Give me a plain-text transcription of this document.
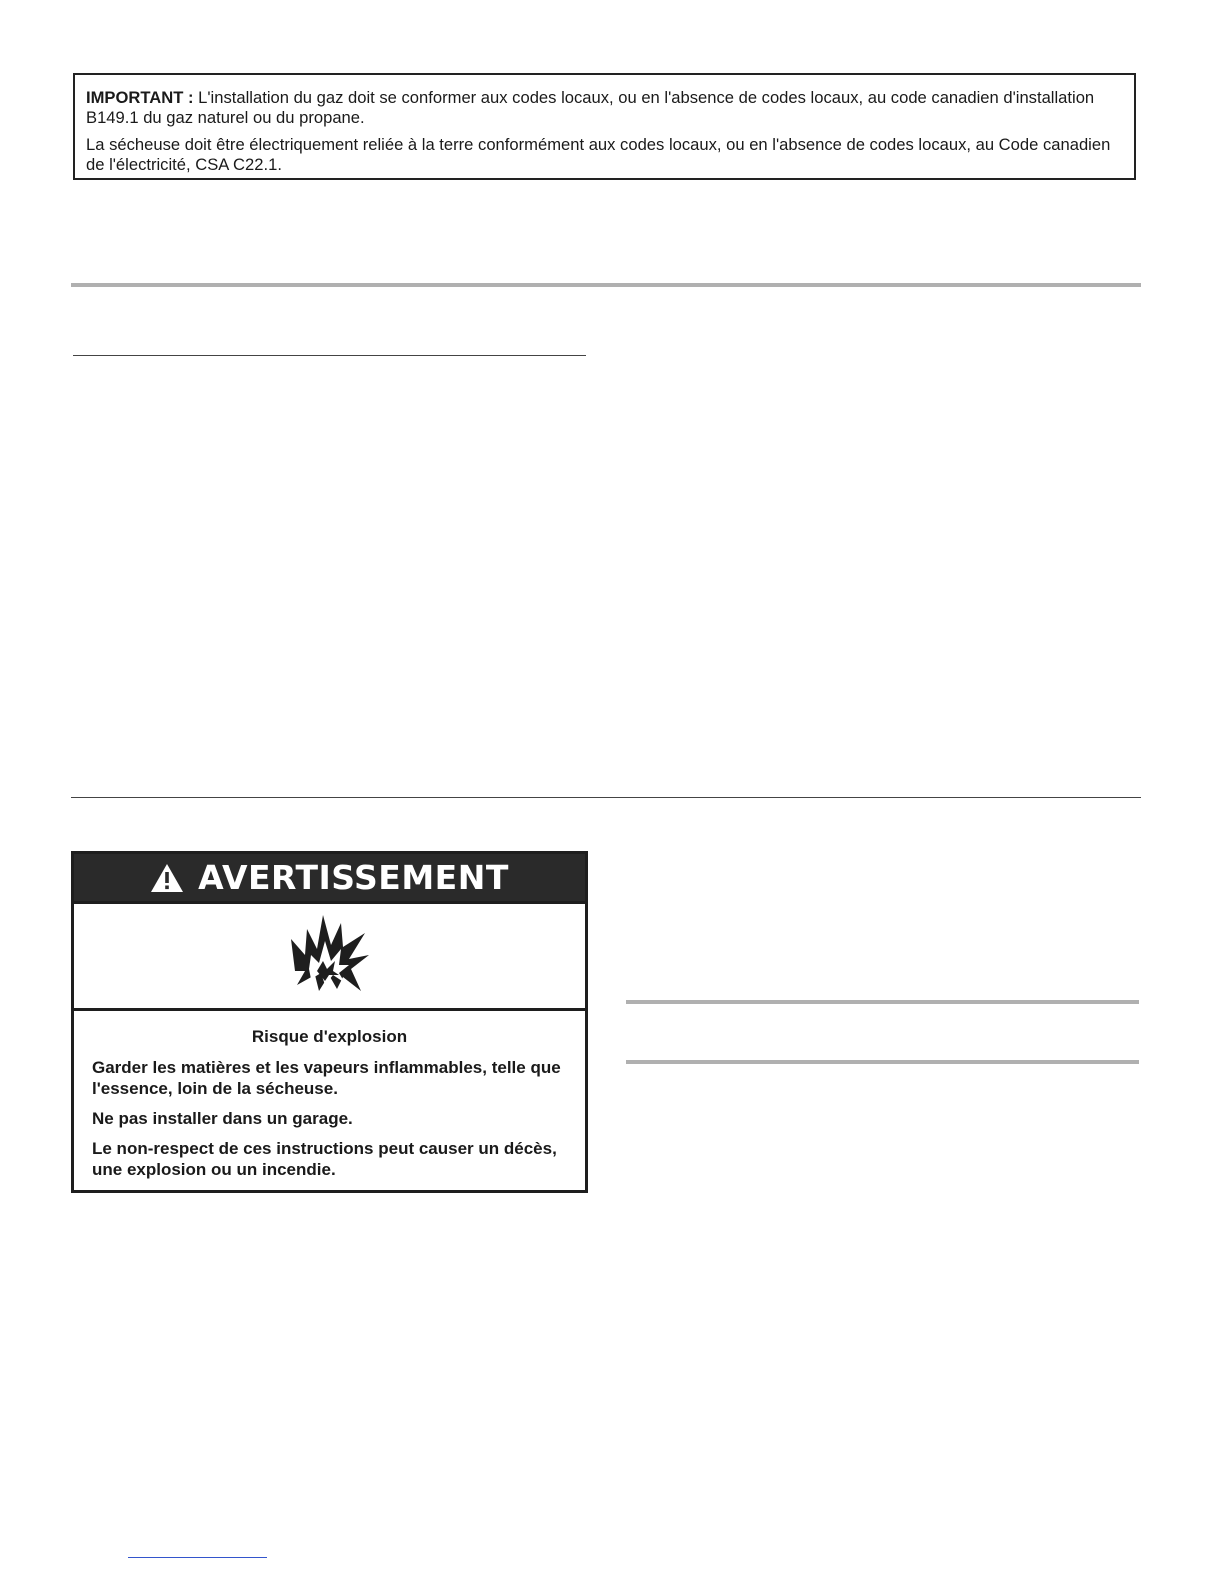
IMPORTANT : L'installation du gaz doit se conformer aux codes locaux, ou en l'absence de codes locaux, au code canadien d'installation B149.1 du gaz naturel ou du propane.

La sécheuse doit être électriquement reliée à la terre conformément aux codes locaux, ou en l'absence de codes locaux, au Code canadien de l'électricité, CSA C22.1.

AVERTISSEMENT

Risque d'explosion

Garder les matières et les vapeurs inflammables, telle que l'essence, loin de la sécheuse.

Ne pas installer dans un garage.

Le non-respect de ces instructions peut causer un décès, une explosion ou un incendie.
